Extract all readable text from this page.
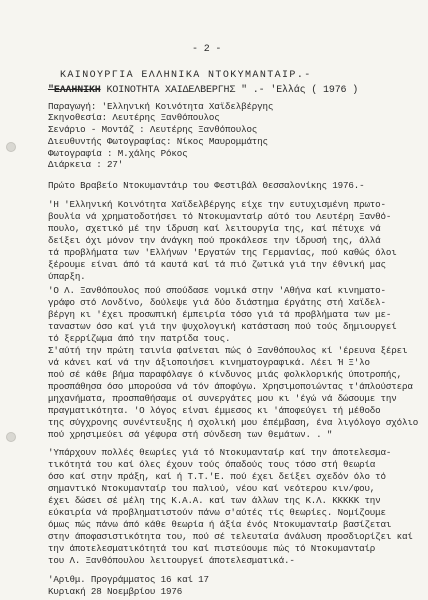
- 2 -
ΚΑΙΝΟΥΡΓΙΑ ΕΛΛΗΝΙΚΑ ΝΤΟΚΥΜΑΝΤΑΙΡ.-
"ΕΛΛΗΝΙΚΗ ΚΟΙΝΟΤΗΤΑ ΧΑΙΔΕΛΒΕΡΓΗΣ " .- 'Ελλάς ( 1976 )
Παραγωγή: 'Ελληνική Κοινότητα Χαϊδελβέργης
Σκηνοθεσία: Λευτέρης Ξανθόπουλος
Σενάριο - Μοντάζ : Λευτέρης Ξανθόπουλος
Διευθυντής Φωτογραφίας: Νίκος Μαυρομμάτης
Φωτογραφία : Μ.χάλης Ρόκος
Διάρκεια : 27'
Πρώτο Βραβείο Ντοκυμαντάιρ του Φεστιβάλ Θεσσαλονίκης 1976.-
'Η 'Ελληνική Κοινότητα Χαϊδελβέργης είχε την ευτυχισμένη πρωτο-
βουλία νά χρηματοδοτήσει τό Ντοκυμανταίρ αύτό του Λευτέρη Ξανθό-
πουλο, σχετικό μέ την ίδρυση καί λειτουργία της, καί πέτυχε νά
δείξει όχι μόνον την άνάγκη πού προκάλεσε την ίδρυσή της, άλλά
τά προβλήματα των 'Ελλήνων 'Εργατών της Γερμανίας, πού καθώς όλοι
ξέρουμε είναι άπό τά καυτά καί τά πιό ζωτικά γιά την έθνική μας
ύπαρξη.
'Ο Λ. Ξανθόπουλος πού σπούδασε νομικά στην 'Αθήνα καί κινηματο-
γράφο στό Λονδίνο, δούλεψε γιά δύο διάστημα έργάτης στή Χαϊδελ-
βέργη κι 'έχει προσωπική έμπειρία τόσο γιά τά προβλήματα των με-
ταναστων όσο καί γιά την ψυχολογική κατάσταση πού τούς δημιουργεί
τό ξερρίζωμα άπό την πατρίδα τους.
Σ'αύτή την πρώτη ταινία φαίνεται πώς ό Ξανθόπουλος κί 'έρευνα ξέρει
νά κάνει καί νά την άξιοποιήσει κινηματογραφικά. Λέει Ή Ξ'λο
πού σέ κάθε βήμα παραφόλαγε ό κίνδυνος μιάς φολκλορικής ύποτροπής,
προσπάθησα όσο μπορούσα νά τόν άποφύγω. Χρησιμοποιώντας τ'άπλούστερα
μηχανήματα, προσπαθήσαμε οί συνεργάτες μου κι 'έγώ νά δώσουμε την
πραγματικότητα. 'Ο λόγος είναι έμμεσος κι 'άποφεύγει τή μέθοδο
της σύγχρονης συνέντευξης ή σχολική μου έπέμβαση, ένα λιγόλογο σχόλιο
πού χρησιμεύει σά γέφυρα στή σύνδεση των θεμάτων. . "
'Υπάρχουν πολλές θεωρίες γιά τό Ντοκυμανταίρ καί την άποτελεσμα-
τικότητά του καί όλες έχουν τούς όπαδούς τους τόσο στή θεωρία
όσο καί στην πράξη, καί ή Τ.Τ.'Ε. πού έχει δείξει σχεδόν όλο τό
σημαντικό Ντοκυμανταίρ του παλιού, νέου καί νεότερου κιν/φου,
έχει δώσει σέ μέλη της Κ.Α.Α. καί των άλλων της Κ.Λ. ΚΚΚΚΚ την
εύκαιρία νά προβληματιστούν πάνω σ'αύτές τίς θεωρίες. Νομίζουμε
όμως πώς πάνω άπό κάθε θεωρία ή άξία ένός Ντοκυμανταίρ βασίζεται
στην άποφασιστικότητα του, πού σέ τελευταία άνάλυση προσδιορίζει καί
την άποτελεσματικότητά του καί πιστεύουμε πώς τό Ντοκυμανταίρ
του Λ. Ξανθόπουλου λειτουργεί άποτελεσματικά.-
'Αριθμ. Προγράμματος 16 καί 17
Κυριακή 28 Νοεμβρίου 1976
